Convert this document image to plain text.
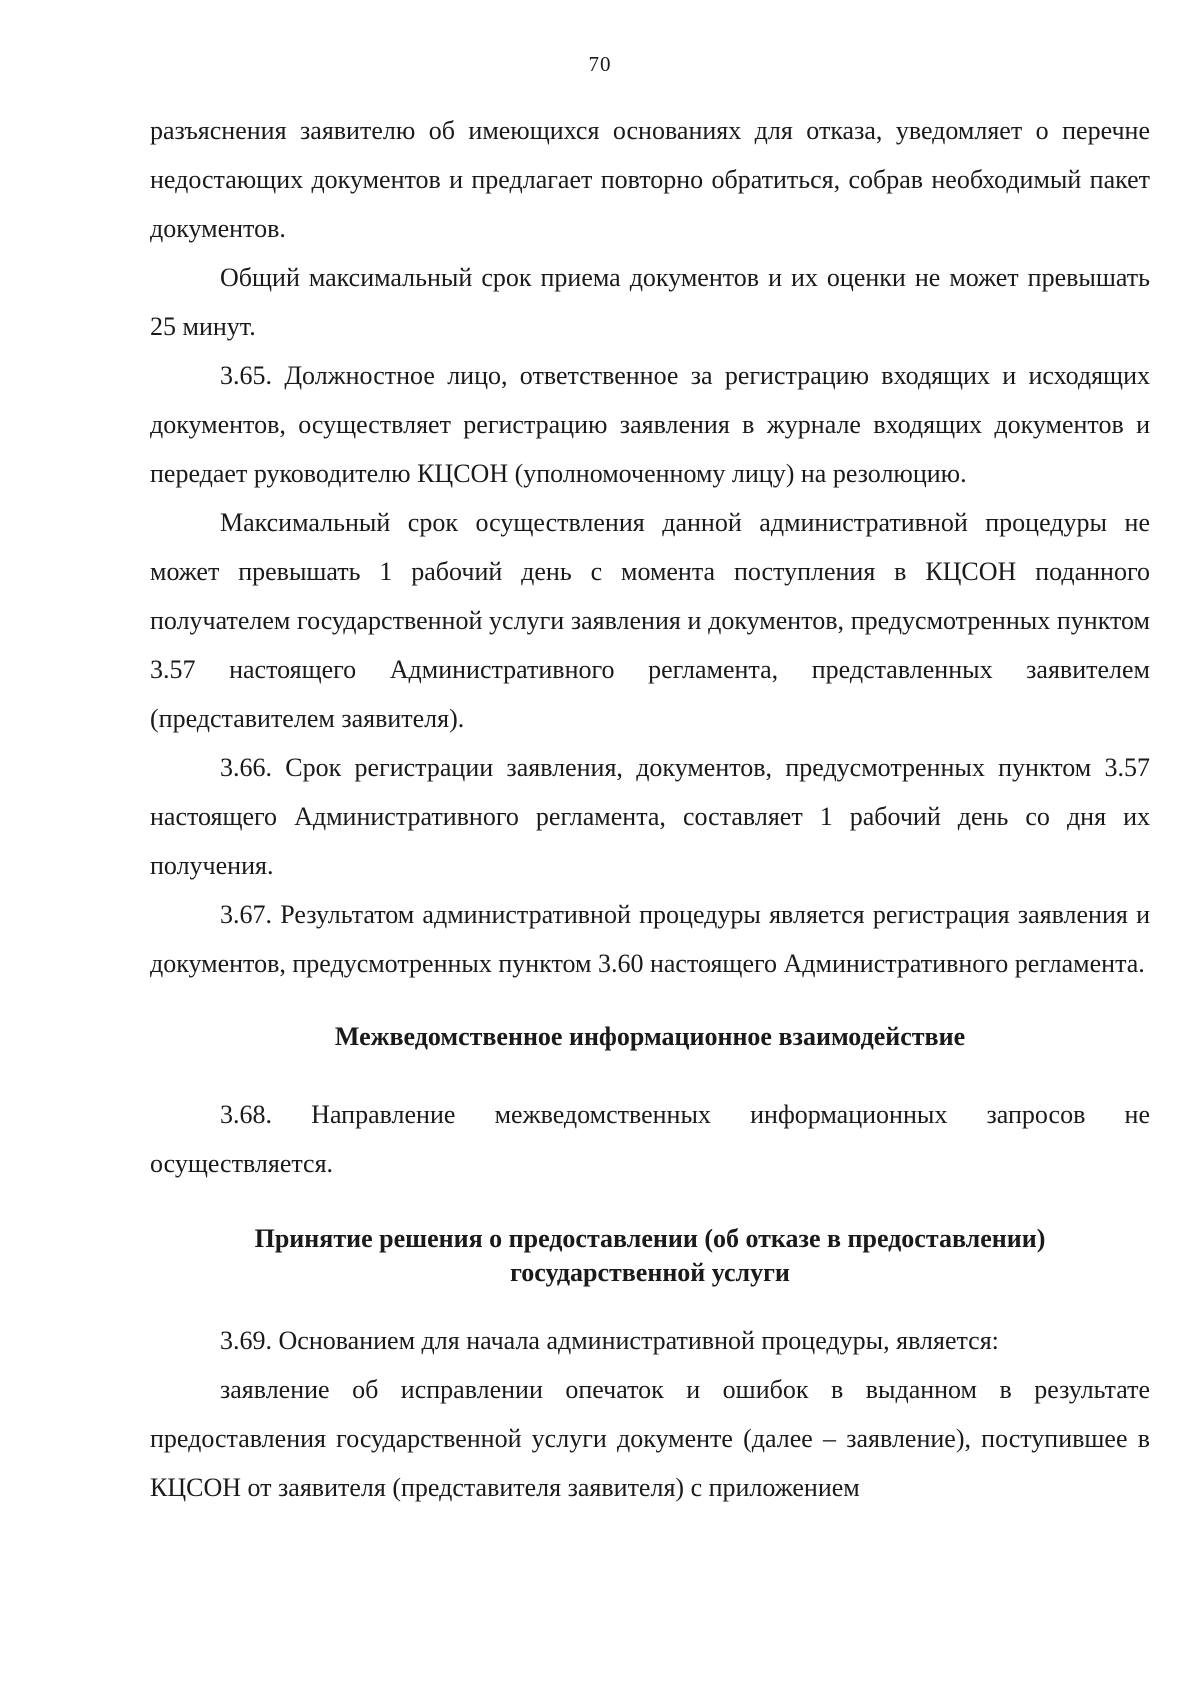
70

разъяснения заявителю об имеющихся основаниях для отказа, уведомляет о перечне недостающих документов и предлагает повторно обратиться, собрав необходимый пакет документов.

Общий максимальный срок приема документов и их оценки не может превышать 25 минут.

3.65. Должностное лицо, ответственное за регистрацию входящих и исходящих документов, осуществляет регистрацию заявления в журнале входящих документов и передает руководителю КЦСОН (уполномоченному лицу) на резолюцию.

Максимальный срок осуществления данной административной процедуры не может превышать 1 рабочий день с момента поступления в КЦСОН поданного получателем государственной услуги заявления и документов, предусмотренных пунктом 3.57 настоящего Административного регламента, представленных заявителем (представителем заявителя).

3.66. Срок регистрации заявления, документов, предусмотренных пунктом 3.57 настоящего Административного регламента, составляет 1 рабочий день со дня их получения.

3.67. Результатом административной процедуры является регистрация заявления и документов, предусмотренных пунктом 3.60 настоящего Административного регламента.

Межведомственное информационное взаимодействие

3.68. Направление межведомственных информационных запросов не осуществляется.

Принятие решения о предоставлении (об отказе в предоставлении)

государственной услуги

3.69. Основанием для начала административной процедуры, является:

заявление об исправлении опечаток и ошибок в выданном в результате предоставления государственной услуги документе (далее – заявление), поступившее в КЦСОН от заявителя (представителя заявителя) с приложением
